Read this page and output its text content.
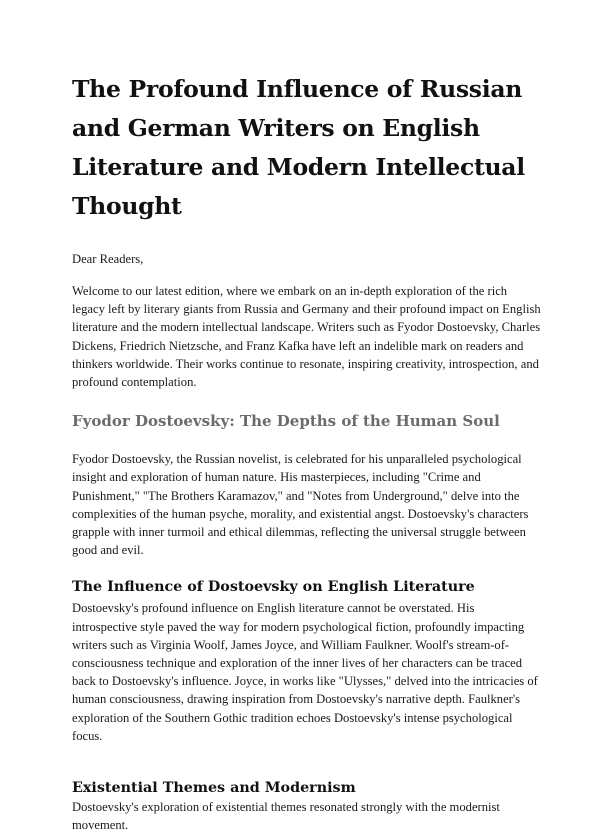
The Profound Influence of Russian and German Writers on English Literature and Modern Intellectual Thought

Dear Readers,

Welcome to our latest edition, where we embark on an in-depth exploration of the rich legacy left by literary giants from Russia and Germany and their profound impact on English literature and the modern intellectual landscape. Writers such as Fyodor Dostoevsky, Charles Dickens, Friedrich Nietzsche, and Franz Kafka have left an indelible mark on readers and thinkers worldwide. Their works continue to resonate, inspiring creativity, introspection, and profound contemplation.

Fyodor Dostoevsky: The Depths of the Human Soul

Fyodor Dostoevsky, the Russian novelist, is celebrated for his unparalleled psychological insight and exploration of human nature. His masterpieces, including "Crime and Punishment," "The Brothers Karamazov," and "Notes from Underground," delve into the complexities of the human psyche, morality, and existential angst. Dostoevsky's characters grapple with inner turmoil and ethical dilemmas, reflecting the universal struggle between good and evil.

The Influence of Dostoevsky on English Literature

Dostoevsky's profound influence on English literature cannot be overstated. His introspective style paved the way for modern psychological fiction, profoundly impacting writers such as Virginia Woolf, James Joyce, and William Faulkner. Woolf's stream-of-consciousness technique and exploration of the inner lives of her characters can be traced back to Dostoevsky's influence. Joyce, in works like "Ulysses," delved into the intricacies of human consciousness, drawing inspiration from Dostoevsky's narrative depth. Faulkner's exploration of the Southern Gothic tradition echoes Dostoevsky's intense psychological focus.

Existential Themes and Modernism

Dostoevsky's exploration of existential themes resonated strongly with the modernist movement.
